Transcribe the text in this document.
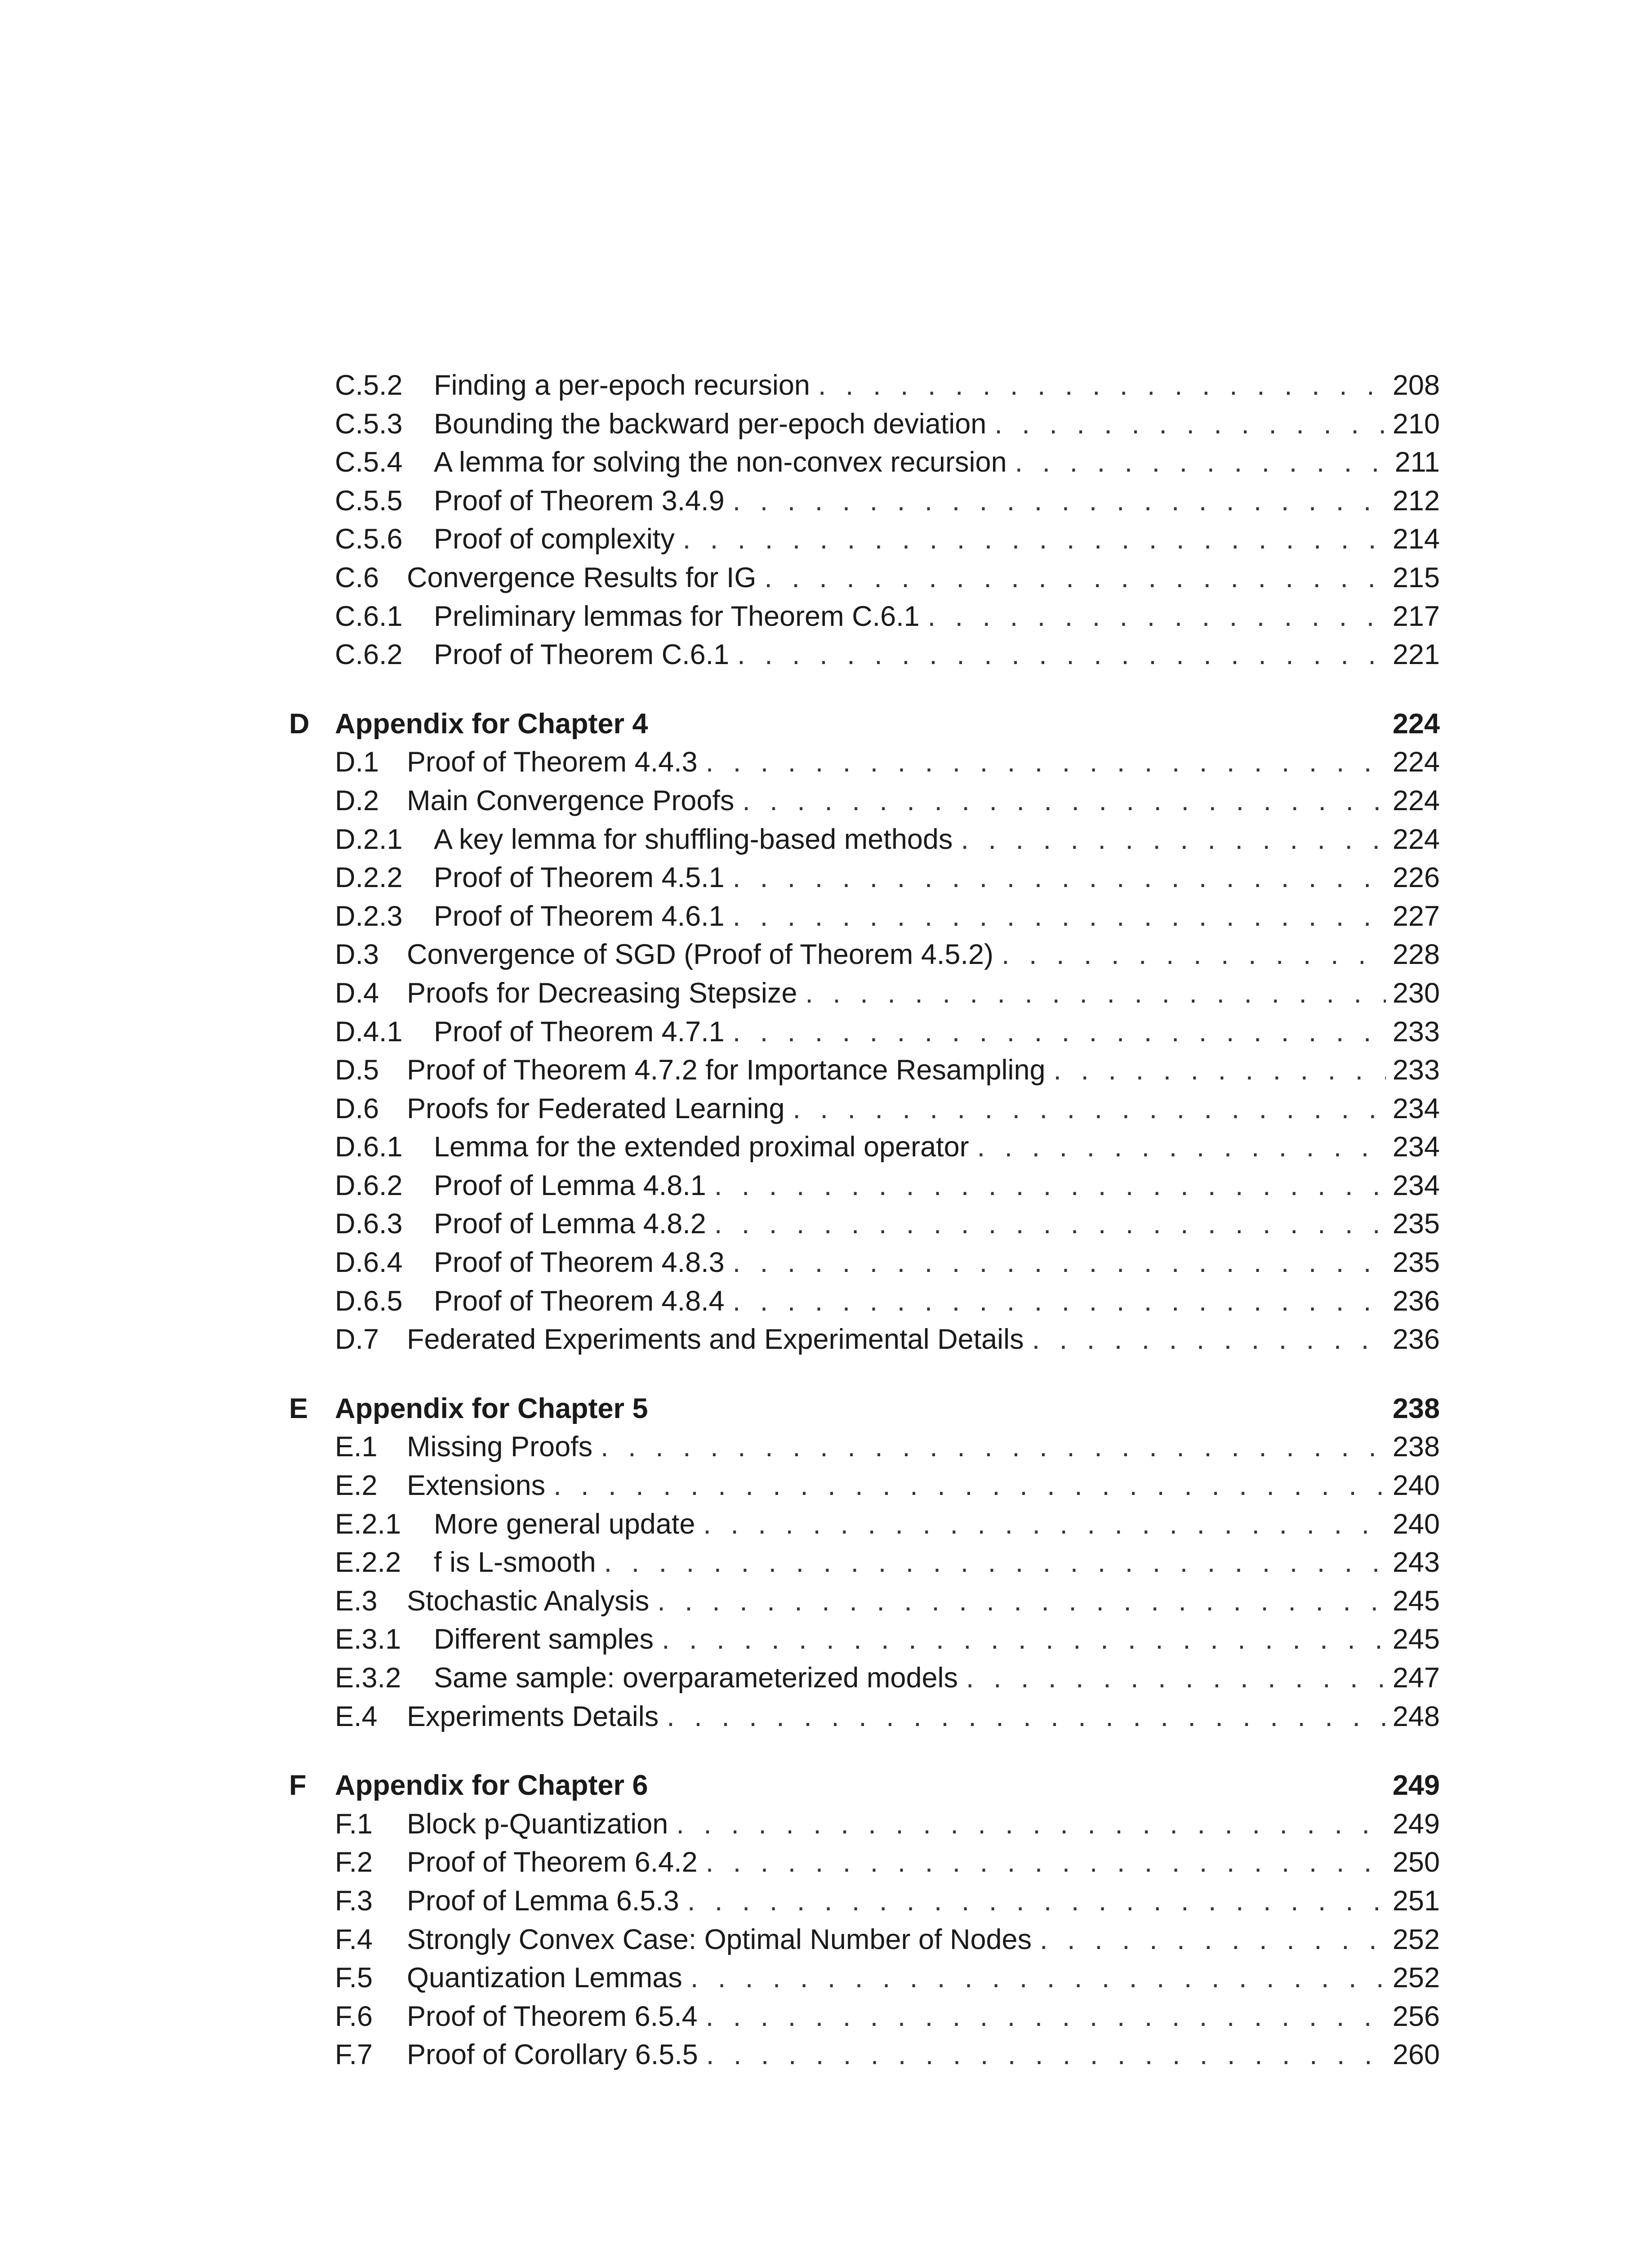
C.5.2	Finding a per-epoch recursion . . .	208
C.5.3	Bounding the backward per-epoch deviation . . .	210
C.5.4	A lemma for solving the non-convex recursion . . .	211
C.5.5	Proof of Theorem 3.4.9 . . .	212
C.5.6	Proof of complexity . . .	214
C.6 Convergence Results for IG . . .	215
C.6.1	Preliminary lemmas for Theorem C.6.1 . . .	217
C.6.2	Proof of Theorem C.6.1 . . .	221
D Appendix for Chapter 4	224
D.1 Proof of Theorem 4.4.3 . . .	224
D.2 Main Convergence Proofs . . .	224
D.2.1	A key lemma for shuffling-based methods . . .	224
D.2.2	Proof of Theorem 4.5.1 . . .	226
D.2.3	Proof of Theorem 4.6.1 . . .	227
D.3 Convergence of SGD (Proof of Theorem 4.5.2) . . .	228
D.4 Proofs for Decreasing Stepsize . . .	230
D.4.1	Proof of Theorem 4.7.1 . . .	233
D.5 Proof of Theorem 4.7.2 for Importance Resampling . . .	233
D.6 Proofs for Federated Learning . . .	234
D.6.1	Lemma for the extended proximal operator . . .	234
D.6.2	Proof of Lemma 4.8.1 . . .	234
D.6.3	Proof of Lemma 4.8.2 . . .	235
D.6.4	Proof of Theorem 4.8.3 . . .	235
D.6.5	Proof of Theorem 4.8.4 . . .	236
D.7 Federated Experiments and Experimental Details . . .	236
E Appendix for Chapter 5	238
E.1	Missing Proofs . . .	238
E.2	Extensions . . .	240
E.2.1	More general update . . .	240
E.2.2	f is L-smooth . . .	243
E.3	Stochastic Analysis . . .	245
E.3.1	Different samples . . .	245
E.3.2	Same sample: overparameterized models . . .	247
E.4	Experiments Details . . .	248
F	Appendix for Chapter 6	249
F.1	Block p-Quantization . . .	249
F.2	Proof of Theorem 6.4.2 . . .	250
F.3	Proof of Lemma 6.5.3 . . .	251
F.4	Strongly Convex Case: Optimal Number of Nodes . . .	252
F.5	Quantization Lemmas . . .	252
F.6	Proof of Theorem 6.5.4 . . .	256
F.7	Proof of Corollary 6.5.5 . . .	260
